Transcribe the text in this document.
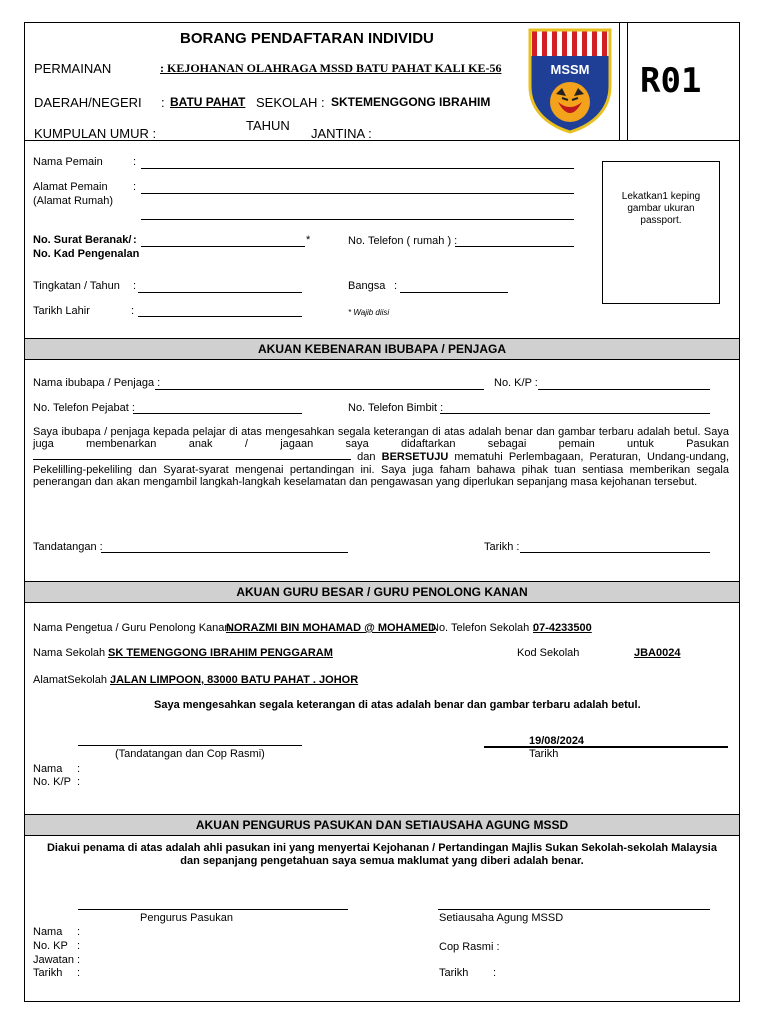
BORANG PENDAFTARAN INDIVIDU
PERMAINAN	: KEJOHANAN OLAHRAGA MSSD BATU PAHAT KALI KE-56
DAERAH/NEGERI : BATU PAHAT SEKOLAH : SKTEMENGGONG IBRAHIM
KUMPULAN UMUR :
TAHUN
JANTINA :
MSSM R01
Nama Pemain	:
Alamat Pemain
(Alamat Rumah)
:
No. Surat Beranak/
No. Kad Pengenalan
:	*	No. Telefon ( rumah ) :
Tingkatan / Tahun :	Bangsa :
Tarikh Lahir	:	* Wajib diisi
Lekatkan1 keping gambar ukuran passport.
AKUAN KEBENARAN IBUBAPA / PENJAGA
Nama ibubapa / Penjaga :	No. K/P :
No. Telefon Pejabat :	No. Telefon Bimbit :
Saya ibubapa / penjaga kepada pelajar di atas mengesahkan segala keterangan di atas adalah benar dan gambar terbaru adalah betul. Saya juga membenarkan anak / jagaan saya didaftarkan sebagai pemain untuk Pasukan  dan BERSETUJU mematuhi Perlembagaan, Peraturan, Undang-undang, Pekelilling-pekeliling dan Syarat-syarat mengenai pertandingan ini. Saya juga faham bahawa pihak tuan sentiasa memberikan segala penerangan dan akan mengambil langkah-langkah keselamatan dan pengawasan yang diperlukan sepanjang masa kejohanan tersebut.
Tandatangan :	Tarikh :
AKUAN GURU BESAR / GURU PENOLONG KANAN
Nama Pengetua / Guru Penolong Kanan :
NORAZMI BIN MOHAMAD @ MOHAMED
No. Telefon Sekolah :
07-4233500
Nama Sekolah :
SK TEMENGGONG IBRAHIM PENGGARAM	Kod Sekolah	JBA0024
AlamatSekolah :
JALAN LIMPOON, 83000 BATU PAHAT . JOHOR
Saya mengesahkan segala keterangan di atas adalah benar dan gambar terbaru adalah betul.
(Tandatangan dan Cop Rasmi)
19/08/2024
Tarikh
Nama :
No. K/P :
AKUAN PENGURUS PASUKAN DAN SETIAUSAHA AGUNG MSSD
Diakui penama di atas adalah ahli pasukan ini yang menyertai Kejohanan / Pertandingan Majlis Sukan Sekolah-sekolah Malaysia
dan sepanjang pengetahuan saya semua maklumat yang diberi adalah benar.
Pengurus Pasukan	Setiausaha Agung MSSD
Nama :
No. KP :
Jawatan :
Tarikh :
Cop Rasmi :
Tarikh :
